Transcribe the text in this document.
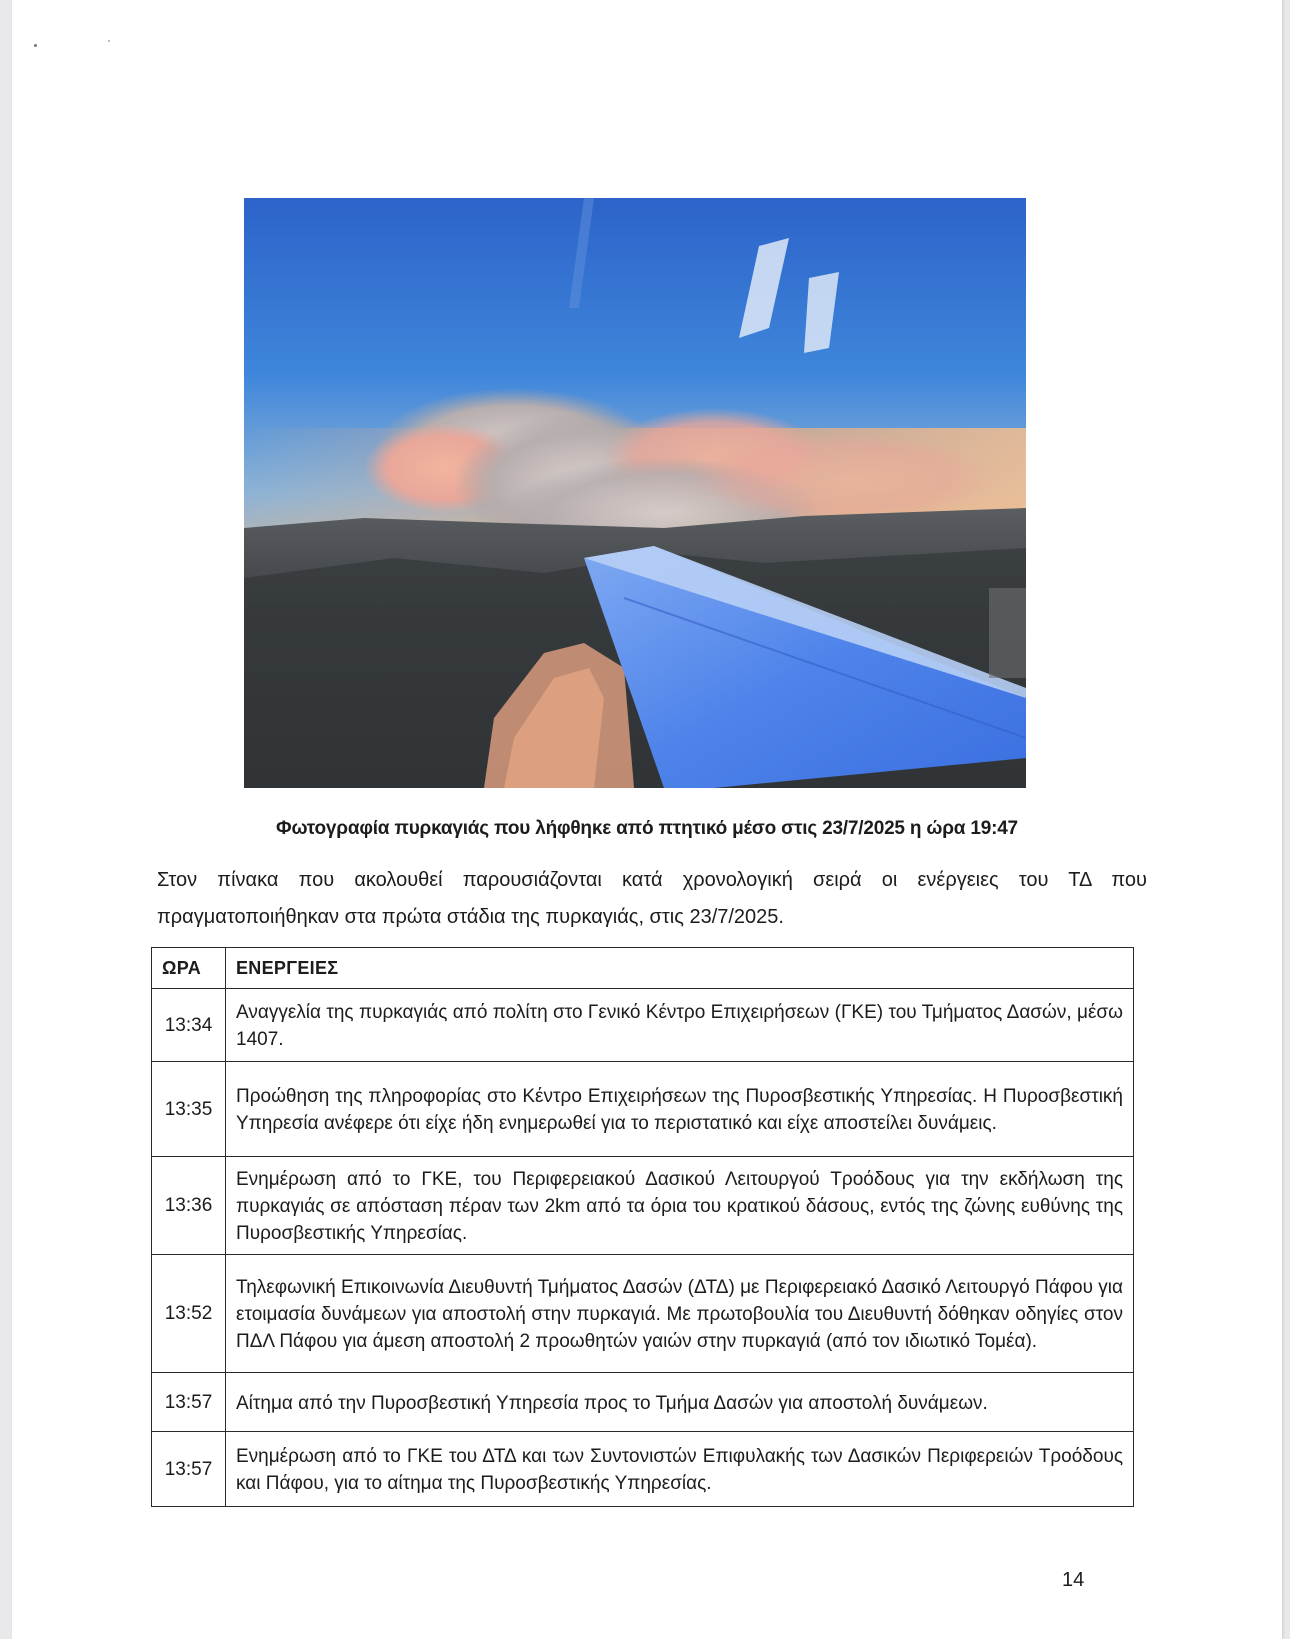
Φωτογραφία πυρκαγιάς που λήφθηκε από πτητικό μέσο στις 23/7/2025 η ώρα 19:47

Στον πίνακα που ακολουθεί παρουσιάζονται κατά χρονολογική σειρά οι ενέργειες του ΤΔ που πραγματοποιήθηκαν στα πρώτα στάδια της πυρκαγιάς, στις 23/7/2025.

ΩΡΑ	ΕΝΕΡΓΕΙΕΣ
13:34	Αναγγελία της πυρκαγιάς από πολίτη στο Γενικό Κέντρο Επιχειρήσεων (ΓΚΕ) του Τμήματος Δασών, μέσω 1407.
13:35	Προώθηση της πληροφορίας στο Κέντρο Επιχειρήσεων της Πυροσβεστικής Υπηρεσίας. Η Πυροσβεστική Υπηρεσία ανέφερε ότι είχε ήδη ενημερωθεί για το περιστατικό και είχε αποστείλει δυνάμεις.
13:36	Ενημέρωση από το ΓΚΕ, του Περιφερειακού Δασικού Λειτουργού Τροόδους για την εκδήλωση της πυρκαγιάς σε απόσταση πέραν των 2km από τα όρια του κρατικού δάσους, εντός της ζώνης ευθύνης της Πυροσβεστικής Υπηρεσίας.
13:52	Τηλεφωνική Επικοινωνία Διευθυντή Τμήματος Δασών (ΔΤΔ) με Περιφερειακό Δασικό Λειτουργό Πάφου για ετοιμασία δυνάμεων για αποστολή στην πυρκαγιά. Με πρωτοβουλία του Διευθυντή δόθηκαν οδηγίες στον ΠΔΛ Πάφου για άμεση αποστολή 2 προωθητών γαιών στην πυρκαγιά (από τον ιδιωτικό Τομέα).
13:57	Αίτημα από την Πυροσβεστική Υπηρεσία προς το Τμήμα Δασών για αποστολή δυνάμεων.
13:57	Ενημέρωση από το ΓΚΕ του ΔΤΔ και των Συντονιστών Επιφυλακής των Δασικών Περιφερειών Τροόδους και Πάφου, για το αίτημα της Πυροσβεστικής Υπηρεσίας.
14
